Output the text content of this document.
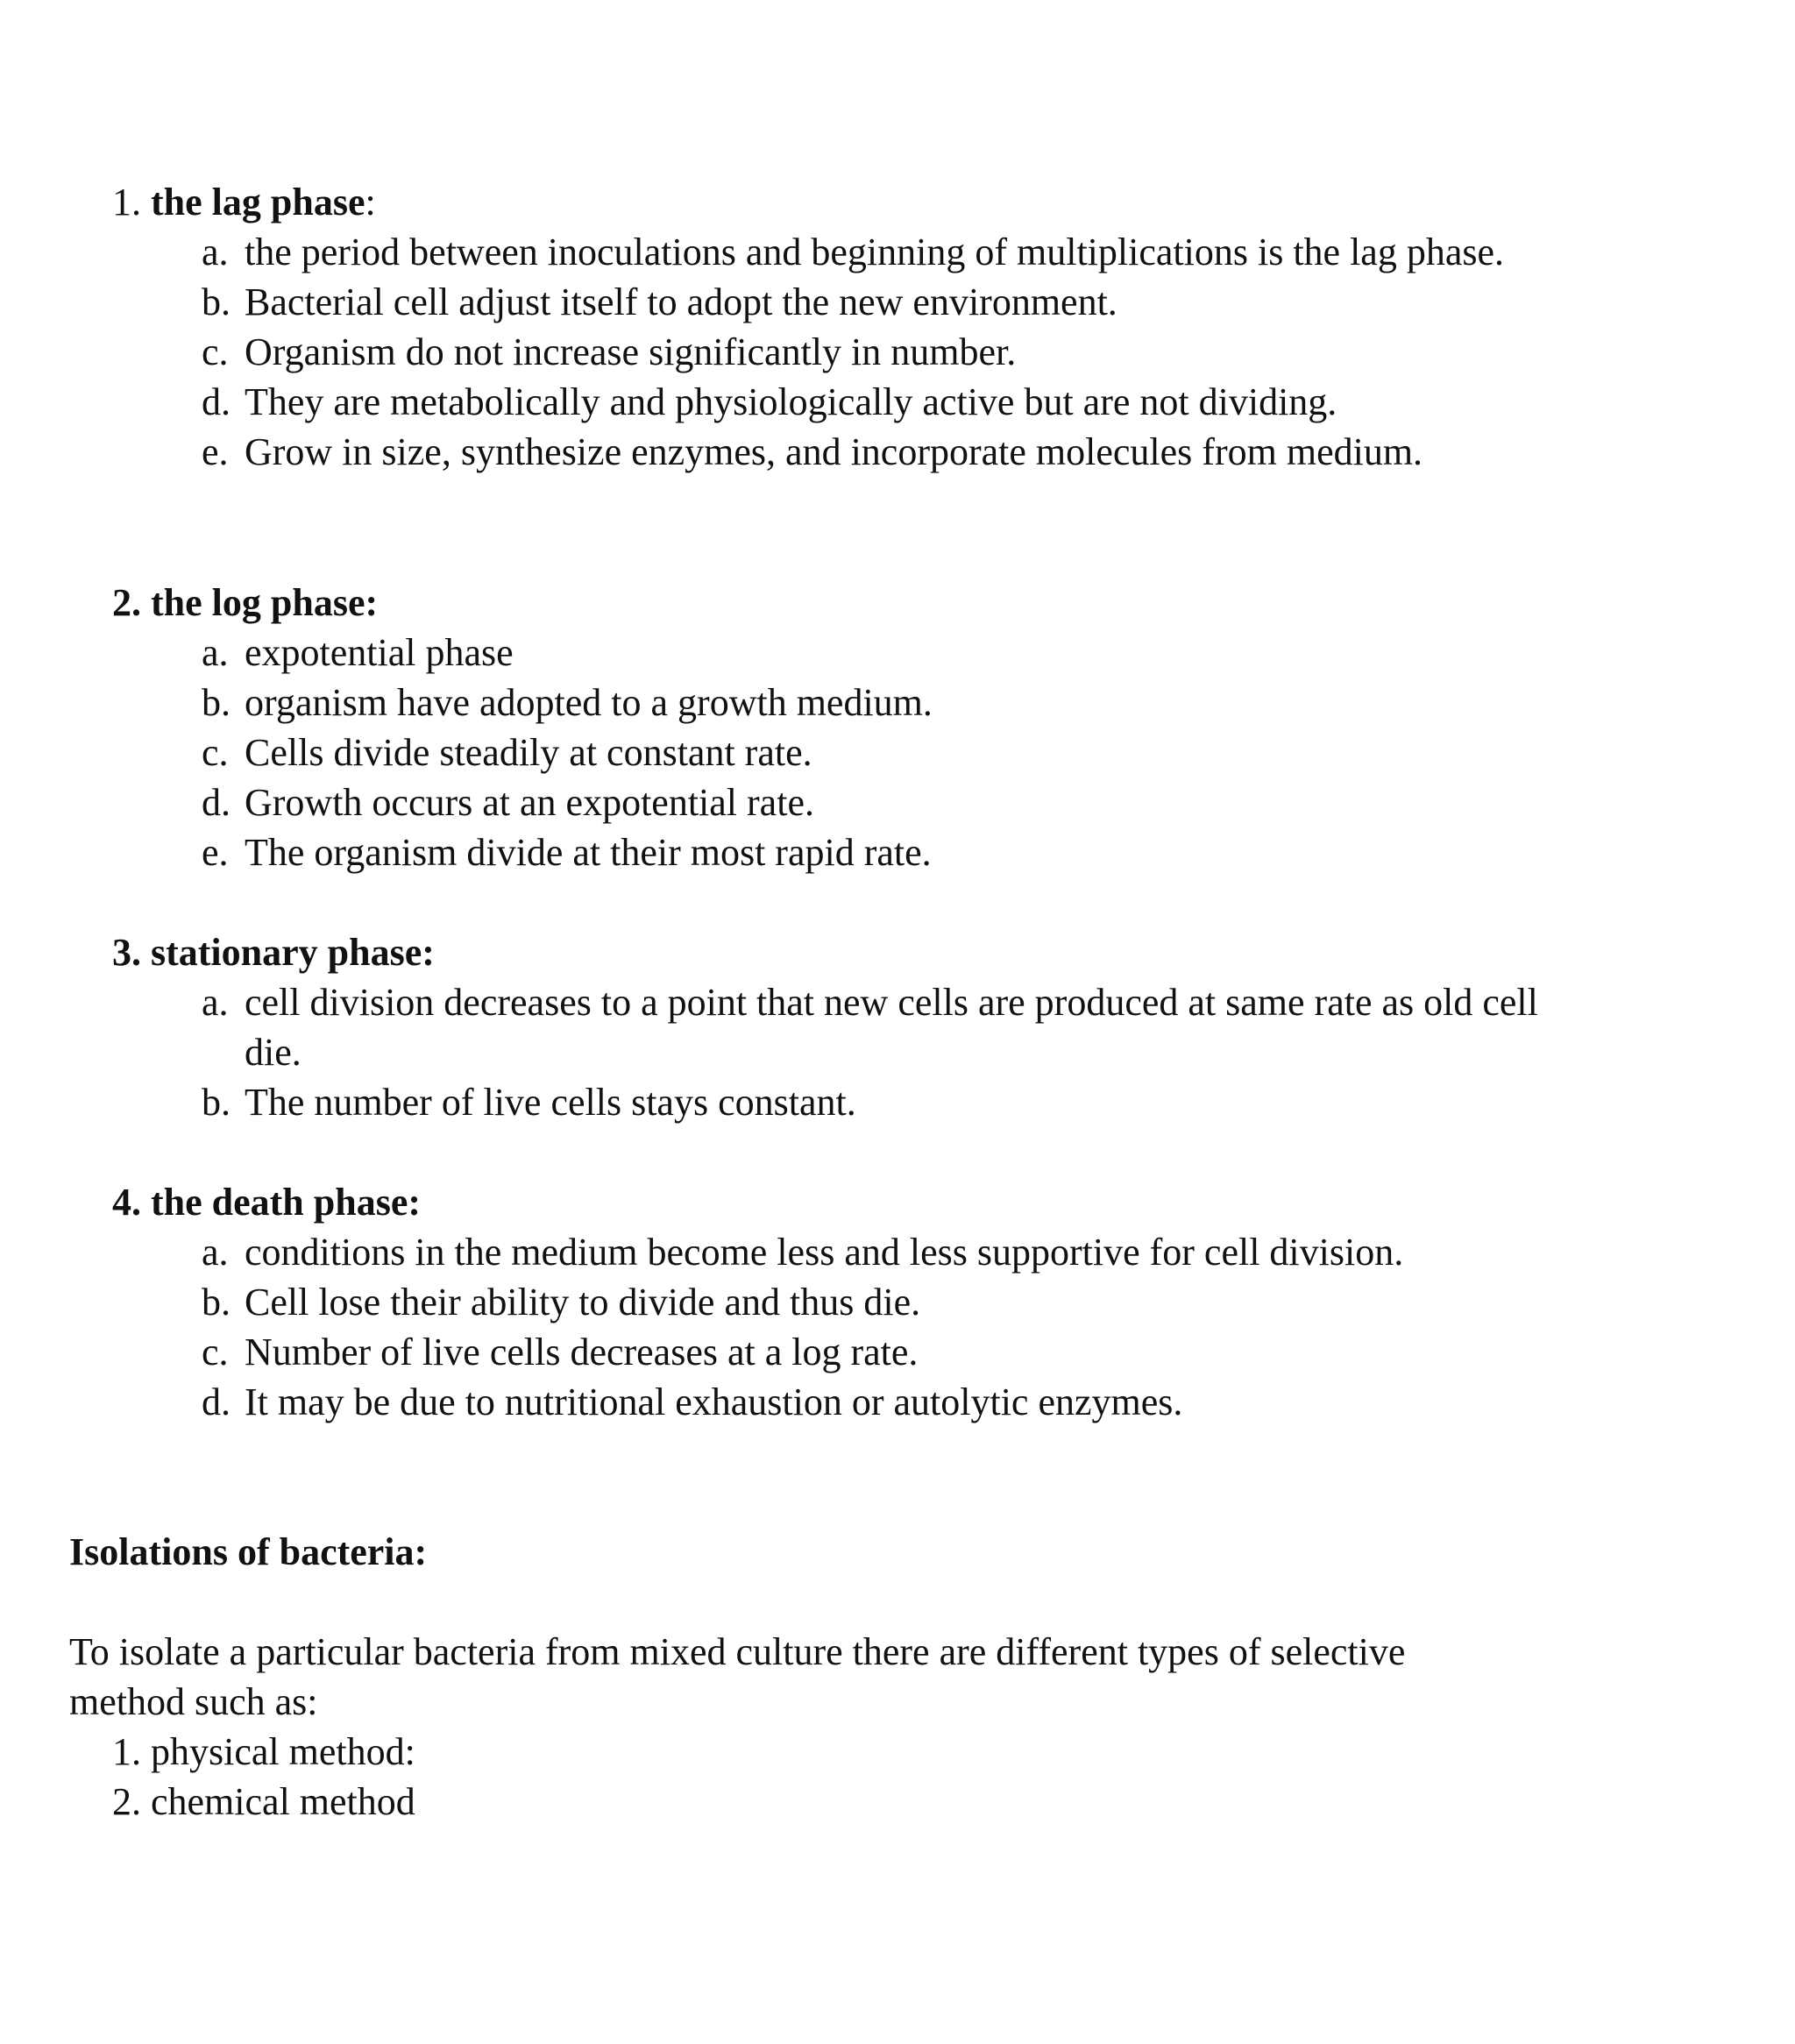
1. the lag phase:
a. the period between inoculations and beginning of multiplications is the lag phase.
b. Bacterial cell adjust itself to adopt the new environment.
c. Organism do not increase significantly in number.
d. They are metabolically and physiologically active but are not dividing.
e. Grow in size, synthesize enzymes, and incorporate molecules from medium.
2. the log phase:
a. expotential phase
b. organism have adopted to a growth medium.
c. Cells divide steadily at constant rate.
d. Growth occurs at an expotential rate.
e. The organism divide at their most rapid rate.
3. stationary phase:
a. cell division decreases to a point that new cells are produced at same rate as old cell
die.
b. The number of live cells stays constant.
4. the death phase:
a. conditions in the medium become less and less supportive for cell division.
b. Cell lose their ability to divide and thus die.
c. Number of live cells decreases at a log rate.
d. It may be due to nutritional exhaustion or autolytic enzymes.
Isolations of bacteria:
To isolate a particular bacteria from mixed culture there are different types of selective
method such as:
1. physical method:
2. chemical method
